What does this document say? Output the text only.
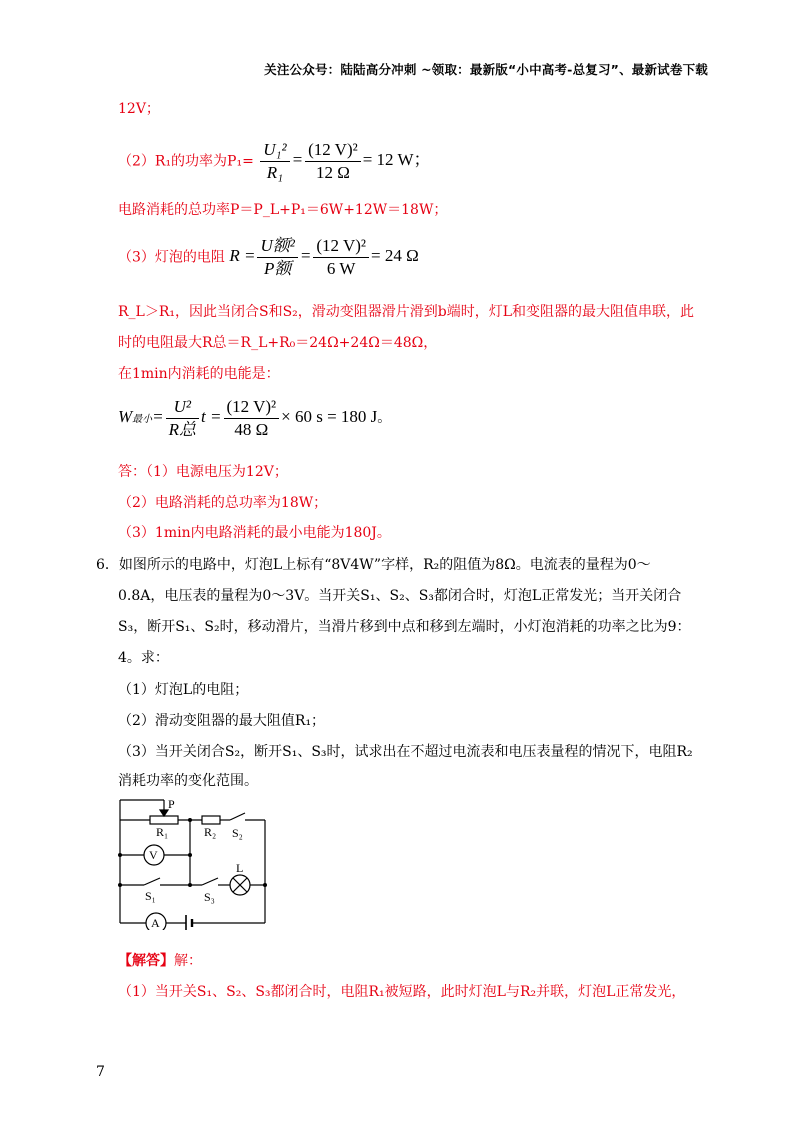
关注公众号：陆陆高分冲刺 ~领取：最新版“小中高考-总复习”、最新试卷下载
12V；
（2）R₁的功率为$P_1= \frac{\text{U₁²}}{\text{R₁}} = \frac{\text{(12 V)²}}{12 \Omega} = 12$ W；
电路消耗的总功率P＝P_L+P₁＝6W+12W＝18W；
（3）灯泡的电阻 $R = \frac{\text{U额²}}{\text{P额}} = \frac{\text{(12 V)²}}{6 W} = 24$ Ω
R_L＞R₁，因此当闭合S和S₂，滑动变阻器滑片滑到b端时，灯L和变阻器的最大阻值串联，此
时的电阻最大R总＝R_L+R₀＝24Ω+24Ω＝48Ω，
在1min内消耗的电能是：
W最小= $\frac{\text{U²}}{\text{R总}}$ $t = \frac{\text{(12 V)²}}{48 \Omega} \times 60$ s = 180 J。
答：（1）电源电压为12V；
（2）电路消耗的总功率为18W；
（3）1min内电路消耗的最小电能为180J。
6．如图所示的电路中，灯泡L上标有“8V4W”字样，R₂的阻值为8Ω。电流表的量程为0～
0.8A，电压表的量程为0～3V。当开关S₁、S₂、S₃都闭合时，灯泡L正常发光；当开关闭合
S₃，断开S₁、S₂时，移动滑片，当滑片移到中点和移到左端时，小灯泡消耗的功率之比为9：
4。求：
（1）灯泡L的电阻；
（2）滑动变阻器的最大阻值R₁；
（3）当开关闭合S₂，断开S₁、S₃时，试求出在不超过电流表和电压表量程的情况下，电阻R₂
消耗功率的变化范围。
P
R₁	R₂ S₂
V
L
S₁	S₃
A
【解答】解：
（1）当开关S₁、S₂、S₃都闭合时，电阻R₁被短路，此时灯泡L与R₂并联，灯泡L正常发光，
7
